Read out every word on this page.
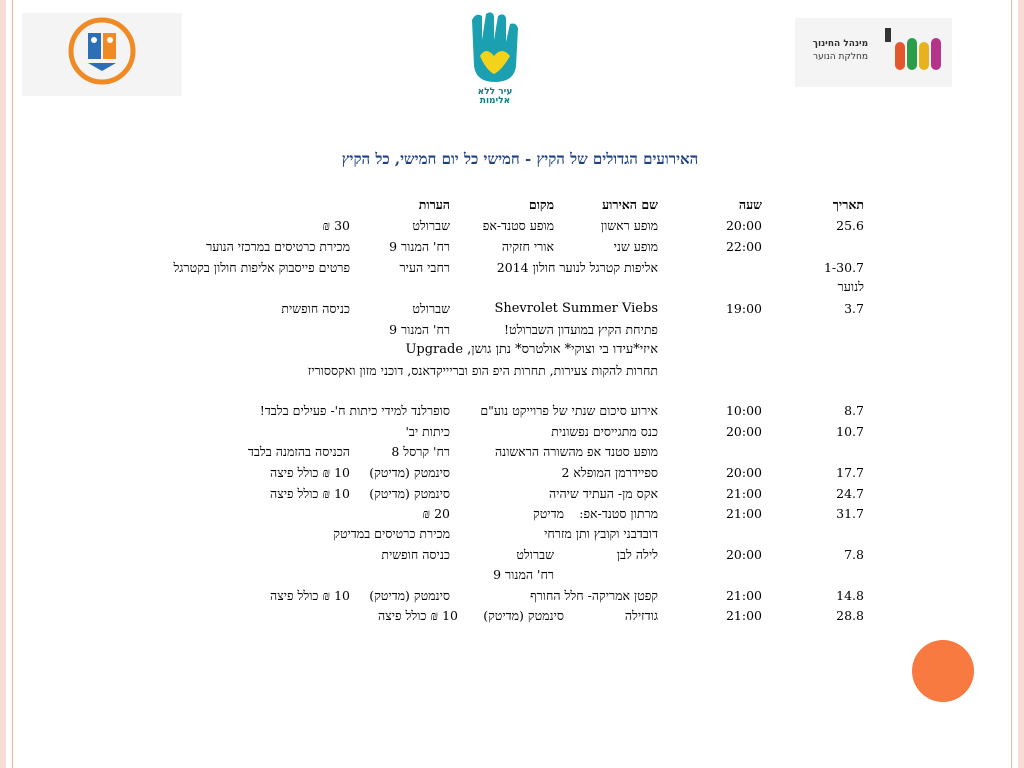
עיר ללא
אלימות
מינהל החינוך
מחלקת הנוער
האירועים הגדולים של הקיץ - חמישי כל יום חמישי, כל הקיץ
תאריך
שעה
שם האירוע
מקום
הערות
25.6
20:00
מופע ראשון
מופע סטנד-אפ
שברולט
30 ₪
22:00
מופע שני
אורי חזקיה
רח' המנור 9
מכירת כרטיסים במרכזי הנוער
1-30.7
אליפות קטרגל לנוער חולון 2014
רחבי העיר
פרטים פייסבוק אליפות חולון בקטרגל
לנוער
3.7
19:00
Shevrolet Summer Viebs
שברולט
כניסה חופשית
פתיחת הקיץ במועדון השברולט!
רח' המנור 9
איזי*עידו בי וצוקי* אולטרס* נתן גושן, Upgrade
תחרות להקות צעירות, תחרות היפ הופ ובריייקדאנס, דוכני מזון ואקססוריז
8.7
10:00
אירוע סיכום שנתי של פרוייקט נוע"ם
סופרלנד למידי כיתות ח'- פעילים בלבד!
10.7
20:00
כנס מתגייסים נפשונית
כיתות יב'
מופע סטנד אפ מהשורה הראשונה
רח' קרסל 8
הכניסה בהזמנה בלבד
17.7
20:00
ספיידרמן המופלא 2
סינמטק (מדיטק)
10 ₪ כולל פיצה
24.7
21:00
אקס מן- העתיד שיהיה
סינמטק (מדיטק)
10 ₪ כולל פיצה
31.7
21:00
מרתון סטנד-אפ:
מדיטק
20 ₪
דובדבני וקובץ ותן מזרחי
מכירת כרטיסים במדיטק
7.8
20:00
לילה לבן
שברולט
כניסה חופשית
רח' המנור 9
14.8
21:00
קפטן אמריקה- חלל החורף
סינמטק (מדיטק)
10 ₪ כולל פיצה
28.8
21:00
גודזילה
סינמטק (מדיטק)
10 ₪ כולל פיצה
